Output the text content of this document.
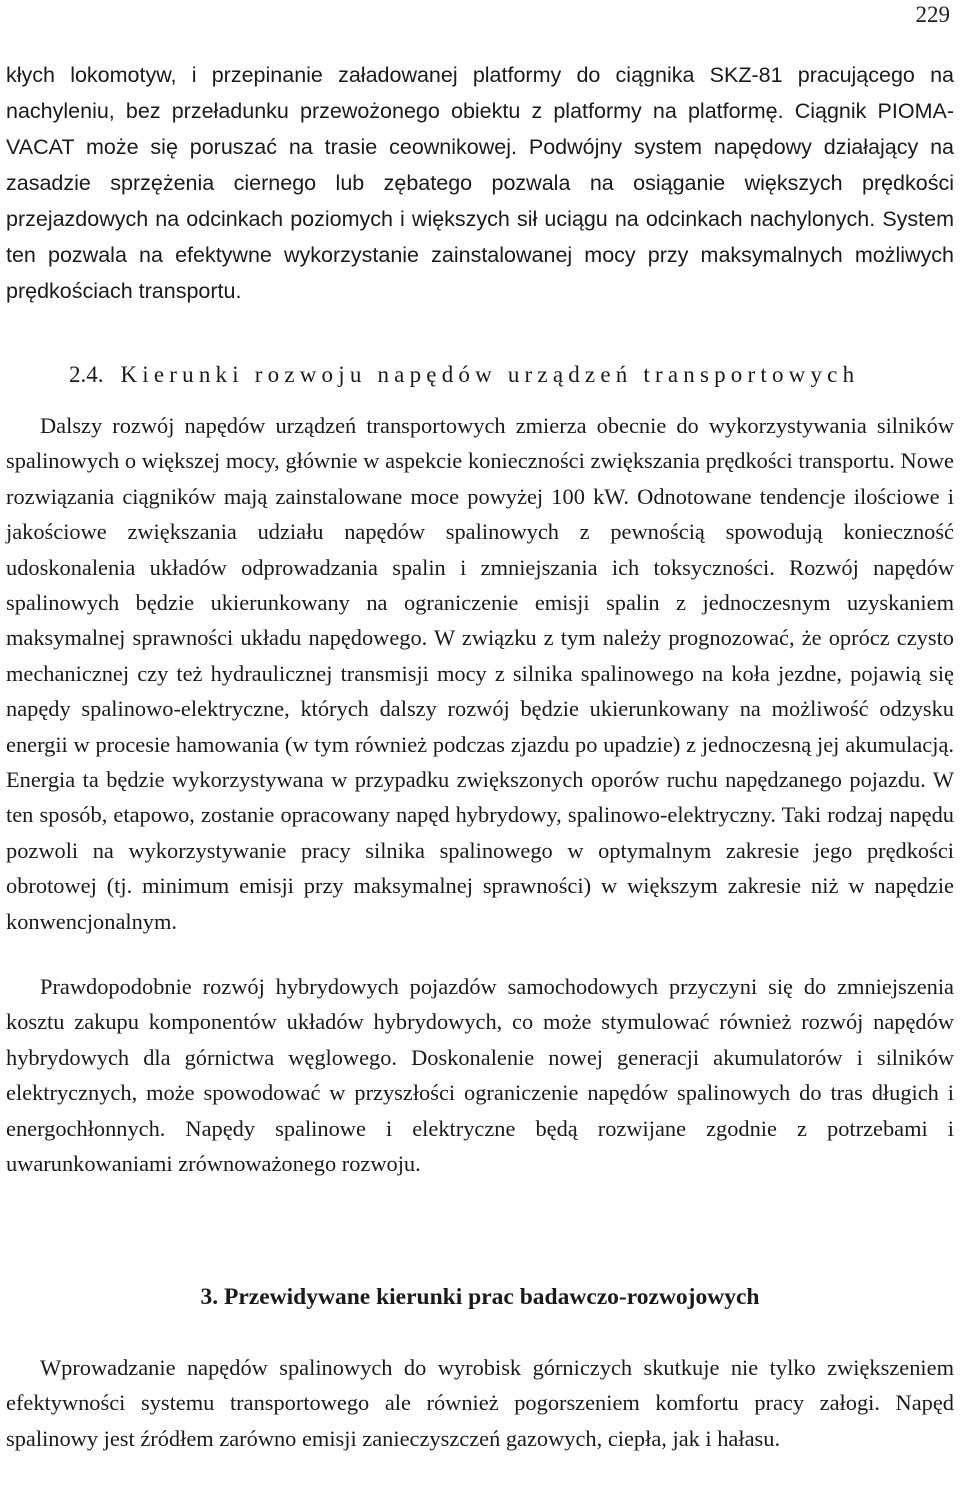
229

kłych lokomotyw, i przepinanie załadowanej platformy do ciągnika SKZ-81 pracującego na nachyleniu, bez przeładunku przewożonego obiektu z platformy na platformę. Ciągnik PIOMA-VACAT może się poruszać na trasie ceownikowej. Podwójny system napędowy działający na zasadzie sprzężenia ciernego lub zębatego pozwala na osiąganie większych prędkości przejazdowych na odcinkach poziomych i większych sił uciągu na odcinkach nachylonych. System ten pozwala na efektywne wykorzystanie zainstalowanej mocy przy maksymalnych możliwych prędkościach transportu.

2.4. Kierunki rozwoju napędów urządzeń transportowych

Dalszy rozwój napędów urządzeń transportowych zmierza obecnie do wykorzystywania silników spalinowych o większej mocy, głównie w aspekcie konieczności zwiększania prędkości transportu. Nowe rozwiązania ciągników mają zainstalowane moce powyżej 100 kW. Odnotowane tendencje ilościowe i jakościowe zwiększania udziału napędów spalinowych z pewnością spowodują konieczność udoskonalenia układów odprowadzania spalin i zmniejszania ich toksyczności. Rozwój napędów spalinowych będzie ukierunkowany na ograniczenie emisji spalin z jednoczesnym uzyskaniem maksymalnej sprawności układu napędowego. W związku z tym należy prognozować, że oprócz czysto mechanicznej czy też hydraulicznej transmisji mocy z silnika spalinowego na koła jezdne, pojawią się napędy spalinowo-elektryczne, których dalszy rozwój będzie ukierunkowany na możliwość odzysku energii w procesie hamowania (w tym również podczas zjazdu po upadzie) z jednoczesną jej akumulacją. Energia ta będzie wykorzystywana w przypadku zwiększonych oporów ruchu napędzanego pojazdu. W ten sposób, etapowo, zostanie opracowany napęd hybrydowy, spalinowo-elektryczny. Taki rodzaj napędu pozwoli na wykorzystywanie pracy silnika spalinowego w optymalnym zakresie jego prędkości obrotowej (tj. minimum emisji przy maksymalnej sprawności) w większym zakresie niż w napędzie konwencjonalnym.

Prawdopodobnie rozwój hybrydowych pojazdów samochodowych przyczyni się do zmniejszenia kosztu zakupu komponentów układów hybrydowych, co może stymulować również rozwój napędów hybrydowych dla górnictwa węglowego. Doskonalenie nowej generacji akumulatorów i silników elektrycznych, może spowodować w przyszłości ograniczenie napędów spalinowych do tras długich i energochłonnych. Napędy spalinowe i elektryczne będą rozwijane zgodnie z potrzebami i uwarunkowaniami zrównoważonego rozwoju.

3. Przewidywane kierunki prac badawczo-rozwojowych

Wprowadzanie napędów spalinowych do wyrobisk górniczych skutkuje nie tylko zwiększeniem efektywności systemu transportowego ale również pogorszeniem komfortu pracy załogi. Napęd spalinowy jest źródłem zarówno emisji zanieczyszczeń gazowych, ciepła, jak i hałasu.
